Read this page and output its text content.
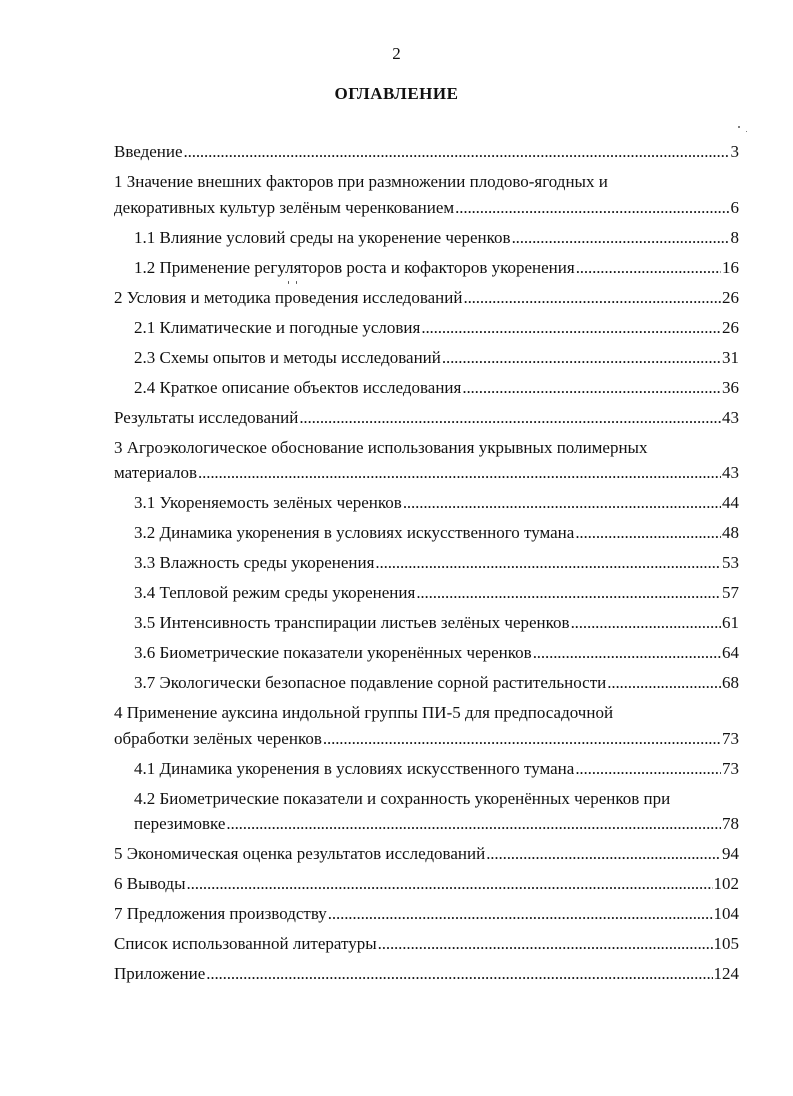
2
ОГЛАВЛЕНИЕ
Введение . . .	3
1 Значение внешних факторов при размножении плодово-ягодных и
декоративных культур зелёным черенкованием . . .	6
1.1 Влияние условий среды на укоренение черенков . . .	8
1.2 Применение регуляторов роста и кофакторов укоренения . . .	16
2 Условия и методика проведения исследований . . .	26
2.1 Климатические и погодные условия . . .	26
2.3 Схемы опытов и методы исследований . . .	31
2.4 Краткое описание объектов исследования . . .	36
Результаты исследований . . .	43
3 Агроэкологическое обоснование использования укрывных полимерных
материалов . . .	43
3.1 Укореняемость зелёных черенков . . .	44
3.2 Динамика укоренения в условиях искусственного тумана . . .	48
3.3 Влажность среды укоренения . . .	53
3.4 Тепловой режим среды укоренения . . .	57
3.5 Интенсивность транспирации листьев зелёных черенков . . .	61
3.6 Биометрические показатели укоренённых черенков . . .	64
3.7 Экологически безопасное подавление сорной растительности . . .	68
4 Применение ауксина индольной группы ПИ-5 для предпосадочной
обработки зелёных черенков . . .	73
4.1 Динамика укоренения в условиях искусственного тумана . . .	73
4.2 Биометрические показатели и сохранность укоренённых черенков при
перезимовке . . .	78
5 Экономическая оценка результатов исследований . . .	94
6 Выводы . . .	102
7 Предложения производству . . .	104
Список использованной литературы . . .	105
Приложение . . .	124
